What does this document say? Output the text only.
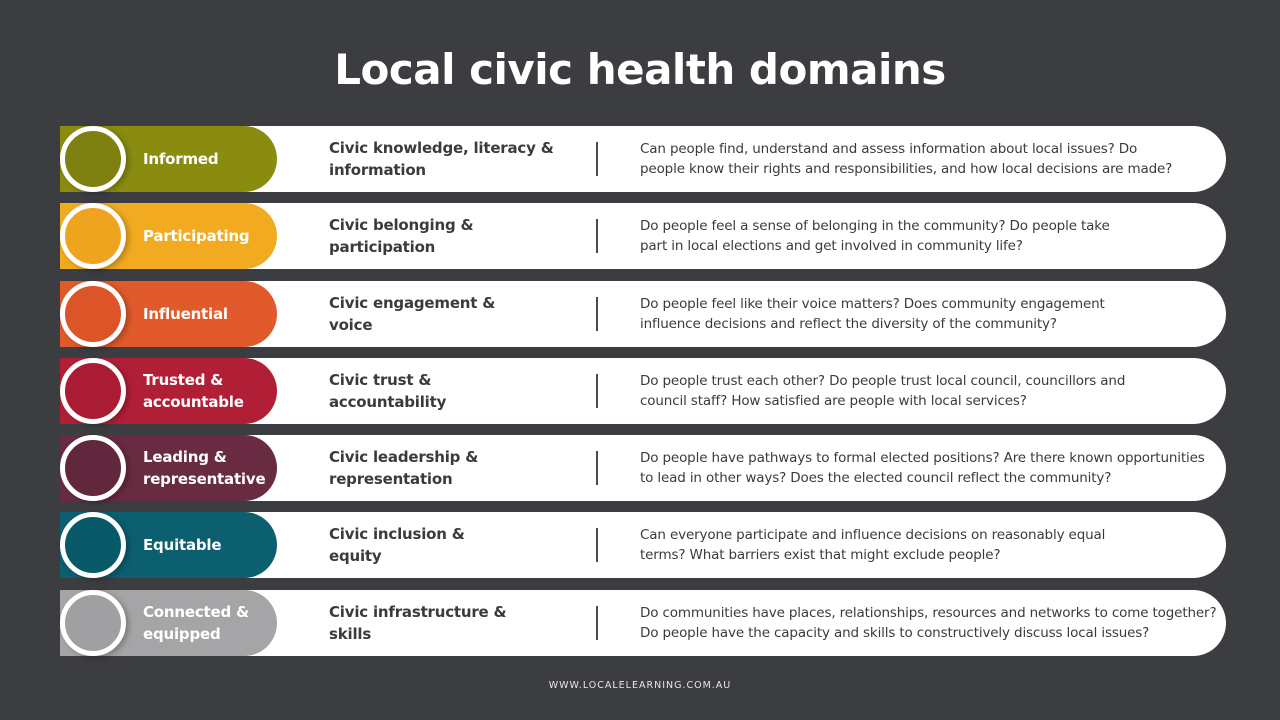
Local civic health domains
Informed
Civic knowledge, literacy &
information
Can people find, understand and assess information about local issues? Do
people know their rights and responsibilities, and how local decisions are made?
Participating
Civic belonging &
participation
Do people feel a sense of belonging in the community? Do people take
part in local elections and get involved in community life?
Influential
Civic engagement &
voice
Do people feel like their voice matters? Does community engagement
influence decisions and reflect the diversity of the community?
Trusted &
accountable
Civic trust &
accountability
Do people trust each other? Do people trust local council, councillors and
council staff? How satisfied are people with local services?
Leading &
representative
Civic leadership &
representation
Do people have pathways to formal elected positions? Are there known opportunities
to lead in other ways? Does the elected council reflect the community?
Equitable
Civic inclusion &
equity
Can everyone participate and influence decisions on reasonably equal
terms? What barriers exist that might exclude people?
Connected &
equipped
Civic infrastructure &
skills
Do communities have places, relationships, resources and networks to come together?
Do people have the capacity and skills to constructively discuss local issues?
WWW.LOCALELEARNING.COM.AU
